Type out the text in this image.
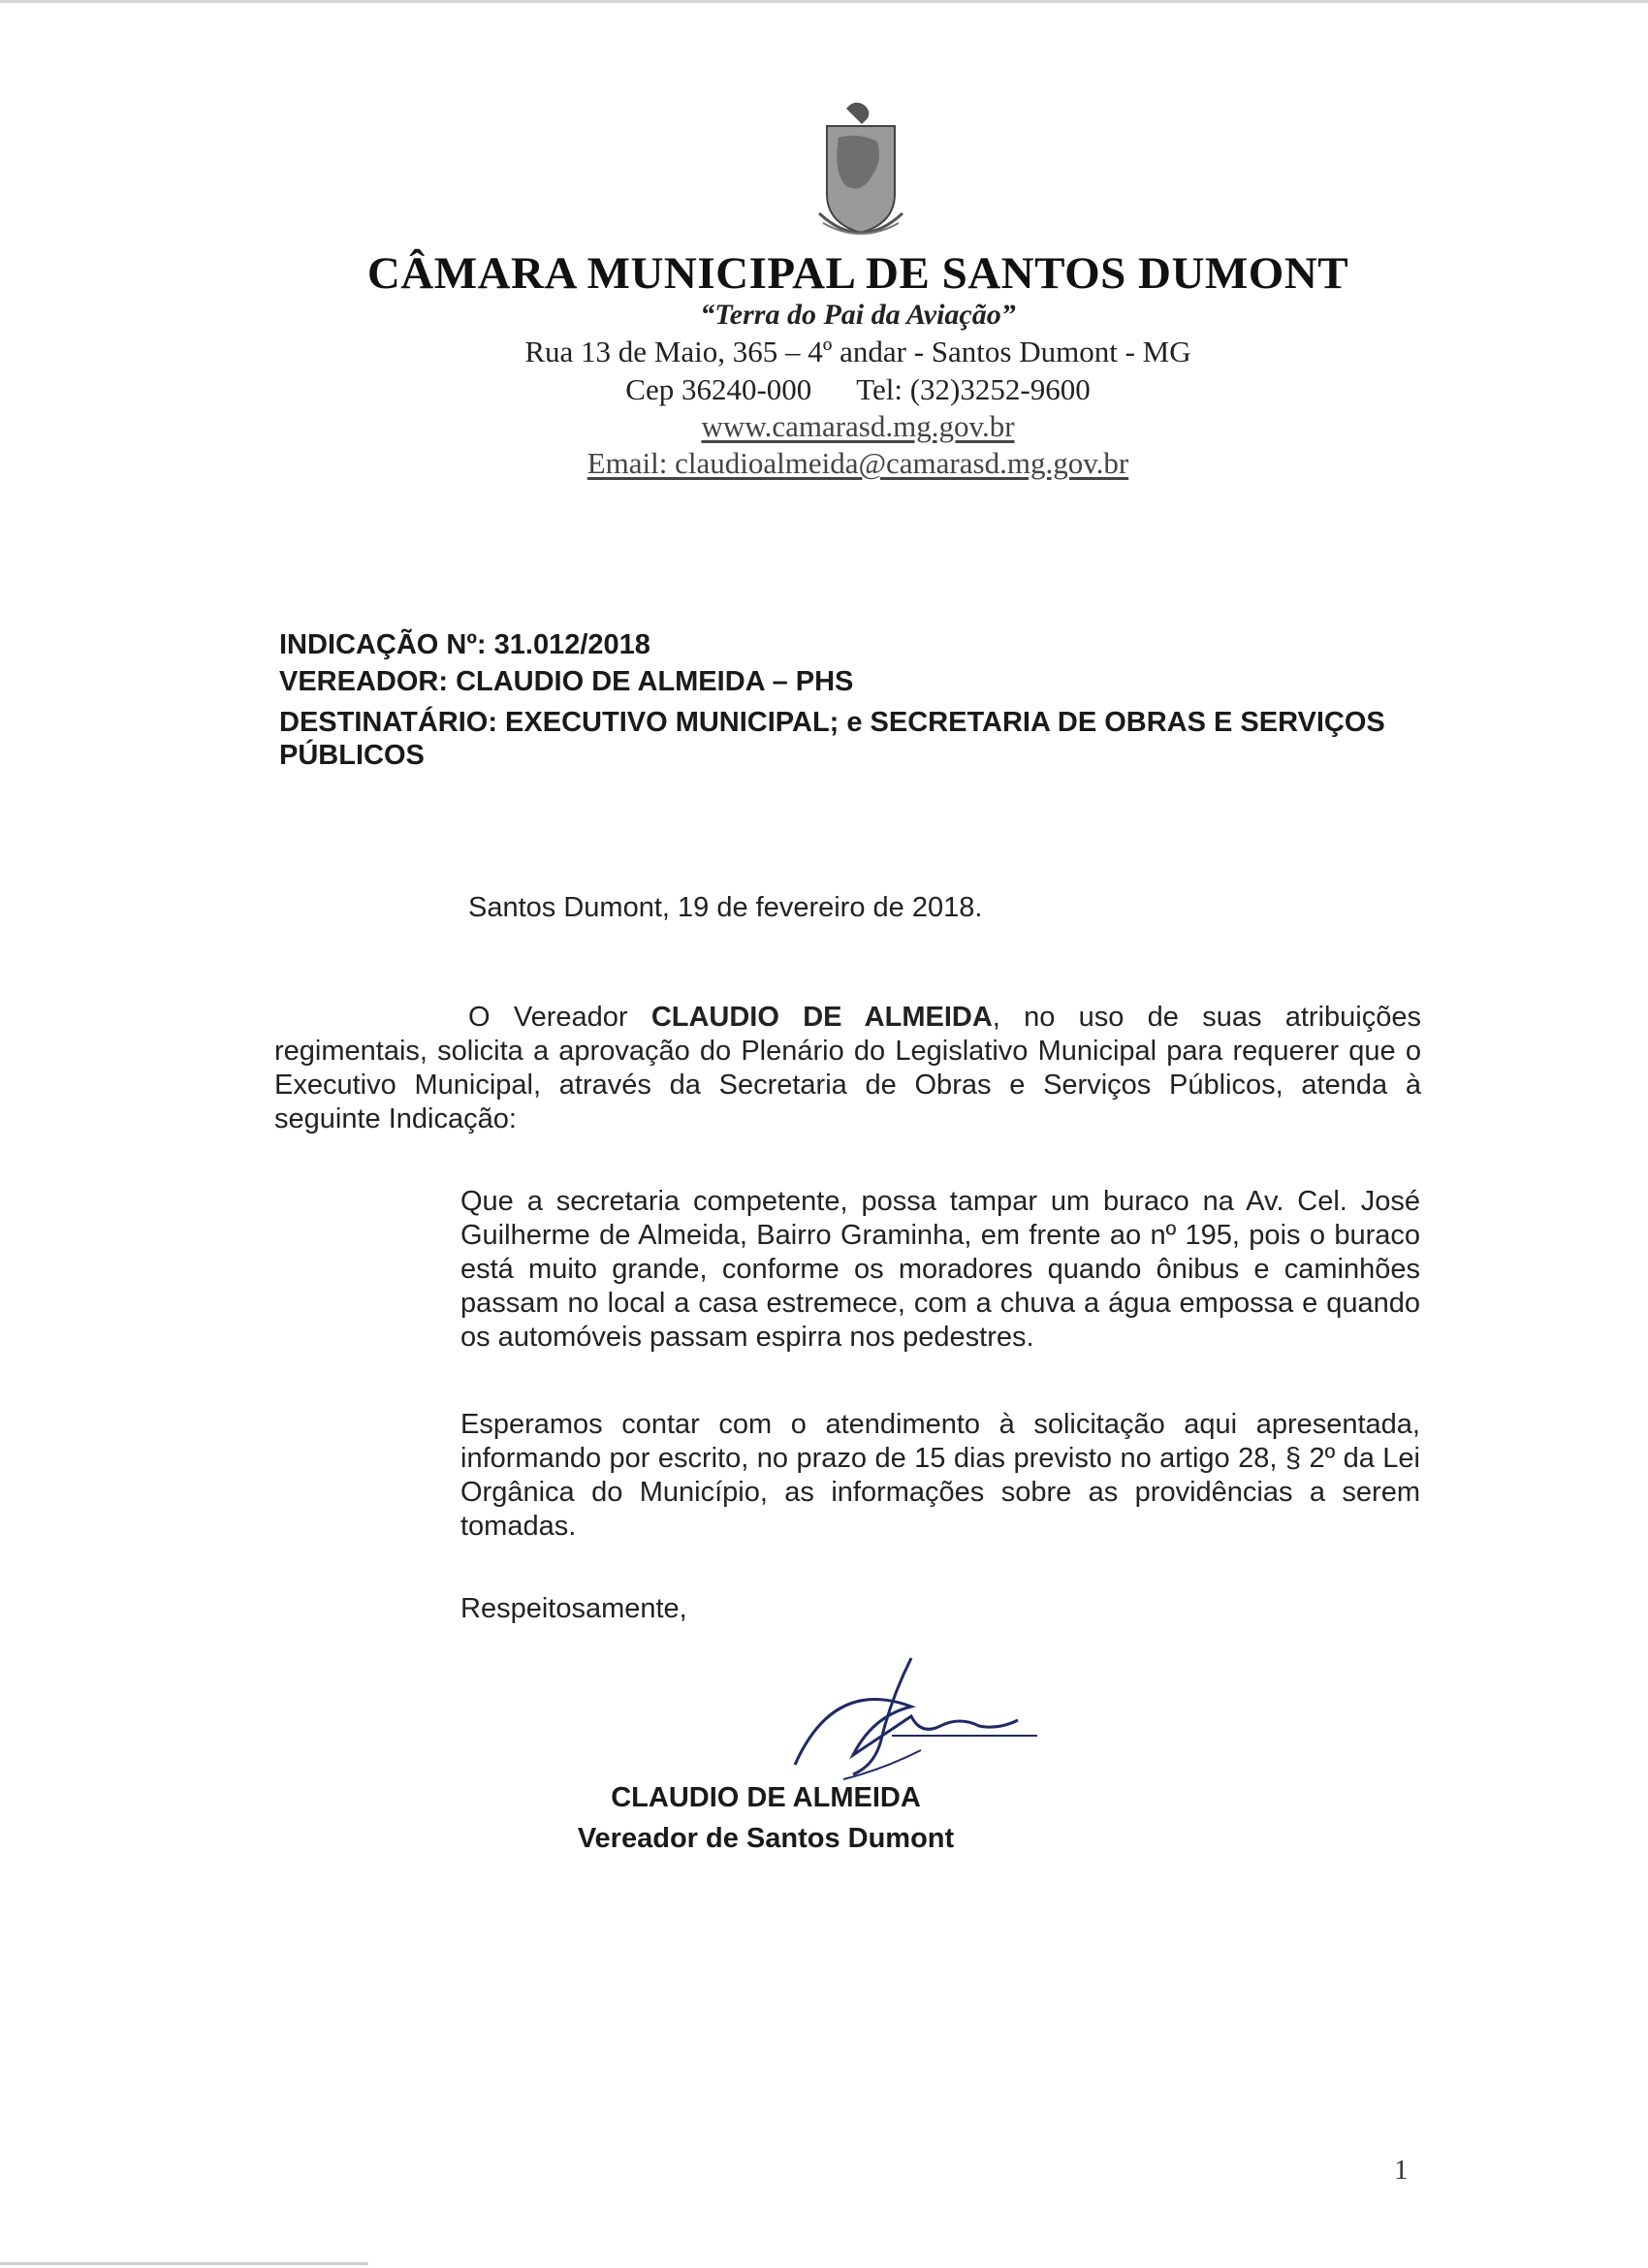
CÂMARA MUNICIPAL DE SANTOS DUMONT
“Terra do Pai da Aviação”
Rua 13 de Maio, 365 – 4º andar - Santos Dumont - MG
Cep 36240-000      Tel: (32)3252-9600
www.camarasd.mg.gov.br
Email: claudioalmeida@camarasd.mg.gov.br
INDICAÇÃO Nº: 31.012/2018
VEREADOR: CLAUDIO DE ALMEIDA – PHS
DESTINATÁRIO: EXECUTIVO MUNICIPAL; e SECRETARIA DE OBRAS E SERVIÇOS PÚBLICOS
Santos Dumont, 19 de fevereiro de 2018.
O Vereador CLAUDIO DE ALMEIDA, no uso de suas atribuições regimentais, solicita a aprovação do Plenário do Legislativo Municipal para requerer que o Executivo Municipal, através da Secretaria de Obras e Serviços Públicos, atenda à seguinte Indicação:
Que a secretaria competente, possa tampar um buraco na Av. Cel. José Guilherme de Almeida, Bairro Graminha, em frente ao nº 195, pois o buraco está muito grande, conforme os moradores quando ônibus e caminhões passam no local a casa estremece, com a chuva a água empossa e quando os automóveis passam espirra nos pedestres.
Esperamos contar com o atendimento à solicitação aqui apresentada, informando por escrito, no prazo de 15 dias previsto no artigo 28, § 2º da Lei Orgânica do Município, as informações sobre as providências a serem tomadas.
Respeitosamente,
CLAUDIO DE ALMEIDA
Vereador de Santos Dumont
1
